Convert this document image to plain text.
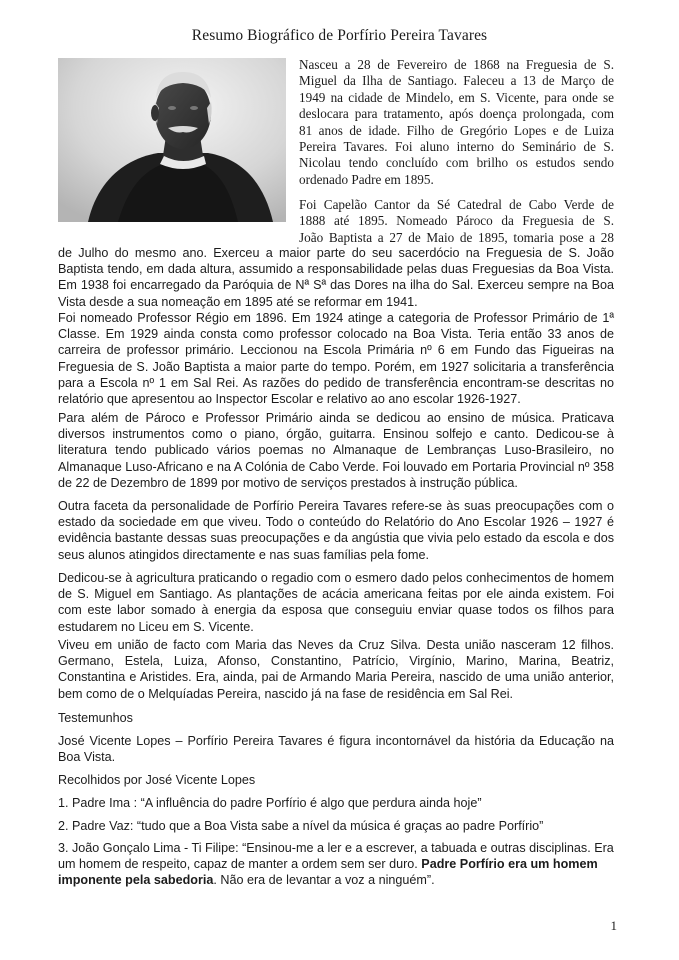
Resumo Biográfico de Porfírio Pereira Tavares
Nasceu a 28 de Fevereiro de 1868 na Freguesia de S.
Miguel da Ilha de Santiago. Faleceu a 13 de Março de
1949 na cidade de Mindelo, em S. Vicente, para onde se
deslocara para tratamento, após doença prolongada, com
81 anos de idade. Filho de Gregório Lopes e de Luiza
Pereira Tavares. Foi aluno interno do Seminário de S.
Nicolau tendo concluído com brilho os estudos sendo
ordenado Padre em 1895.
Foi Capelão Cantor da Sé Catedral de Cabo Verde de
1888 até 1895. Nomeado Pároco da Freguesia de S.
João Baptista a 27 de Maio de 1895, tomaria pose a 28
de Julho do mesmo ano. Exerceu a maior parte do seu sacerdócio na Freguesia de S. João Baptista tendo, em dada altura, assumido a responsabilidade pelas duas Freguesias da Boa Vista. Em 1938 foi encarregado da Paróquia de Nª Sª das Dores na ilha do Sal. Exerceu sempre na Boa Vista desde a sua nomeação em 1895 até se reformar em 1941.
Foi nomeado Professor Régio em 1896. Em 1924 atinge a categoria de Professor Primário de 1ª Classe. Em 1929 ainda consta como professor colocado na Boa Vista. Teria então 33 anos de carreira de professor primário. Leccionou na Escola Primária nº 6 em Fundo das Figueiras na Freguesia de S. João Baptista a maior parte do tempo. Porém, em 1927 solicitaria a transferência para a Escola nº 1 em Sal Rei. As razões do pedido de transferência encontram-se descritas no relatório que apresentou ao Inspector Escolar e relativo ao ano escolar 1926-1927.
Para além de Pároco e Professor Primário ainda se dedicou ao ensino de música. Praticava diversos instrumentos como o piano, órgão, guitarra. Ensinou solfejo e canto. Dedicou-se à literatura tendo publicado vários poemas no Almanaque de Lembranças Luso-Brasileiro, no Almanaque Luso-Africano e na A Colónia de Cabo Verde. Foi louvado em Portaria Provincial nº 358 de 22 de Dezembro de 1899 por motivo de serviços prestados à instrução pública.
Outra faceta da personalidade de Porfírio Pereira Tavares refere-se às suas preocupações com o estado da sociedade em que viveu. Todo o conteúdo do Relatório do Ano Escolar 1926 – 1927 é evidência bastante dessas suas preocupações e da angústia que vivia pelo estado da escola e dos seus alunos atingidos directamente e nas suas famílias pela fome.
Dedicou-se à agricultura praticando o regadio com o esmero dado pelos conhecimentos de homem de S. Miguel em Santiago. As plantações de acácia americana feitas por ele ainda existem. Foi com este labor somado à energia da esposa que conseguiu enviar quase todos os filhos para estudarem no Liceu em S. Vicente.
Viveu em união de facto com Maria das Neves da Cruz Silva. Desta união nasceram 12 filhos. Germano, Estela, Luiza, Afonso, Constantino, Patrício, Virgínio, Marino, Marina, Beatriz, Constantina e Aristides. Era, ainda, pai de Armando Maria Pereira, nascido de uma união anterior, bem como de o Melquíadas Pereira, nascido já na fase de residência em Sal Rei.
Testemunhos
José Vicente Lopes – Porfírio Pereira Tavares é figura incontornável da história da Educação na Boa Vista.
Recolhidos por José Vicente Lopes
1. Padre Ima : “A influência do padre Porfírio é algo que perdura ainda hoje”
2. Padre Vaz: “tudo que a Boa Vista sabe a nível da música é graças ao padre Porfírio”
3. João Gonçalo Lima - Ti Filipe: “Ensinou-me a ler e a escrever, a tabuada e outras disciplinas. Era um homem de respeito, capaz de manter a ordem sem ser duro. Padre Porfírio era um homem imponente pela sabedoria. Não era de levantar a voz a ninguém”.
1
